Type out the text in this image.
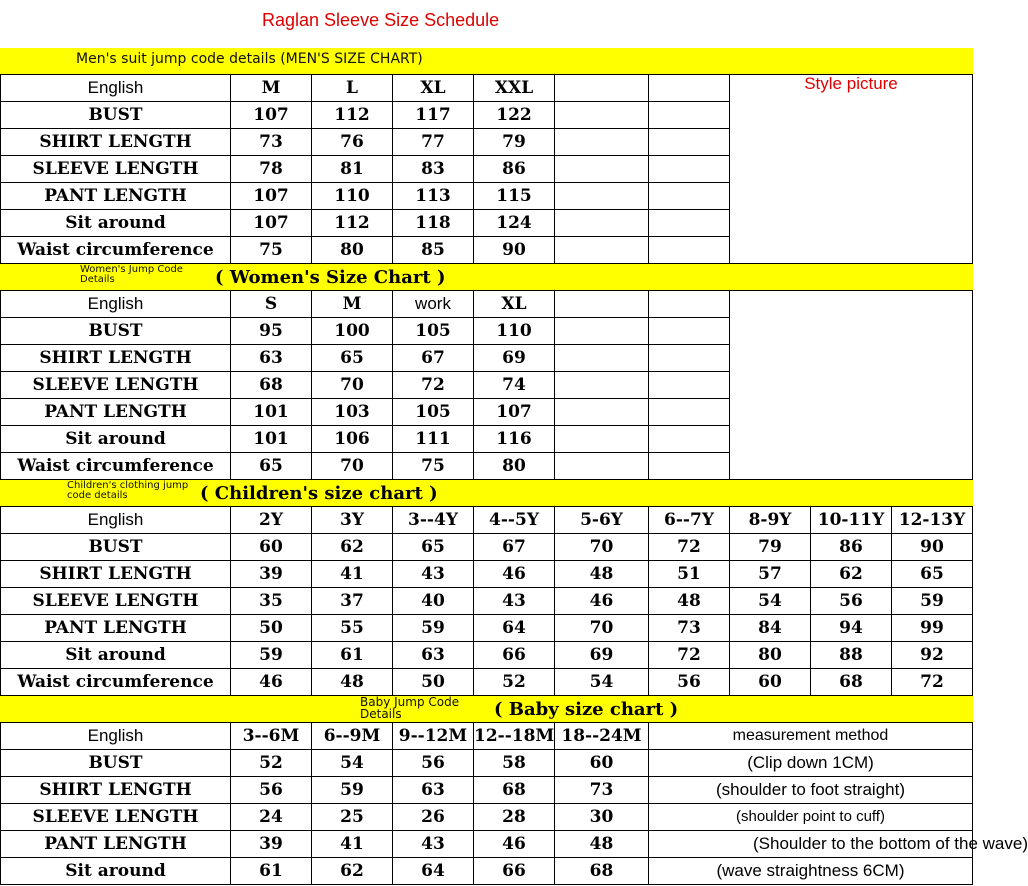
Raglan Sleeve Size Schedule
Men's suit jump code details (MEN'S SIZE CHART)
English	M	L	XL	XXL			Style picture

BUST	107	112	117	122			
SHIRT LENGTH	73	76	77	79			
SLEEVE LENGTH	78	81	83	86			
PANT LENGTH	107	110	113	115			
Sit around	107	112	118	124			
Waist circumference	75	80	85	90			
Women's Jump Code Details	( Women's Size Chart )
English	S	M	work	XL			
BUST	95	100	105	110			
SHIRT LENGTH	63	65	67	69			
SLEEVE LENGTH	68	70	72	74			
PANT LENGTH	101	103	105	107			
Sit around	101	106	111	116			
Waist circumference	65	70	75	80			
Children's clothing jump code details	( Children's size chart )
English	2Y	3Y	3--4Y	4--5Y	5-6Y	6--7Y	8-9Y	10-11Y	12-13Y
BUST	60	62	65	67	70	72	79	86	90
SHIRT LENGTH	39	41	43	46	48	51	57	62	65
SLEEVE LENGTH	35	37	40	43	46	48	54	56	59
PANT LENGTH	50	55	59	64	70	73	84	94	99
Sit around	59	61	63	66	69	72	80	88	92
Waist circumference	46	48	50	52	54	56	60	68	72
Baby Jump Code Details	( Baby size chart )
English	3--6M	6--9M	9--12M	12--18M	18--24M	measurement method
BUST	52	54	56	58	60	(Clip down 1CM)
SHIRT LENGTH	56	59	63	68	73	(shoulder to foot straight)
SLEEVE LENGTH	24	25	26	28	30	(shoulder point to cuff)
PANT LENGTH	39	41	43	46	48	(Shoulder to the bottom of the wave)
Sit around	61	62	64	66	68	(wave straightness 6CM)
